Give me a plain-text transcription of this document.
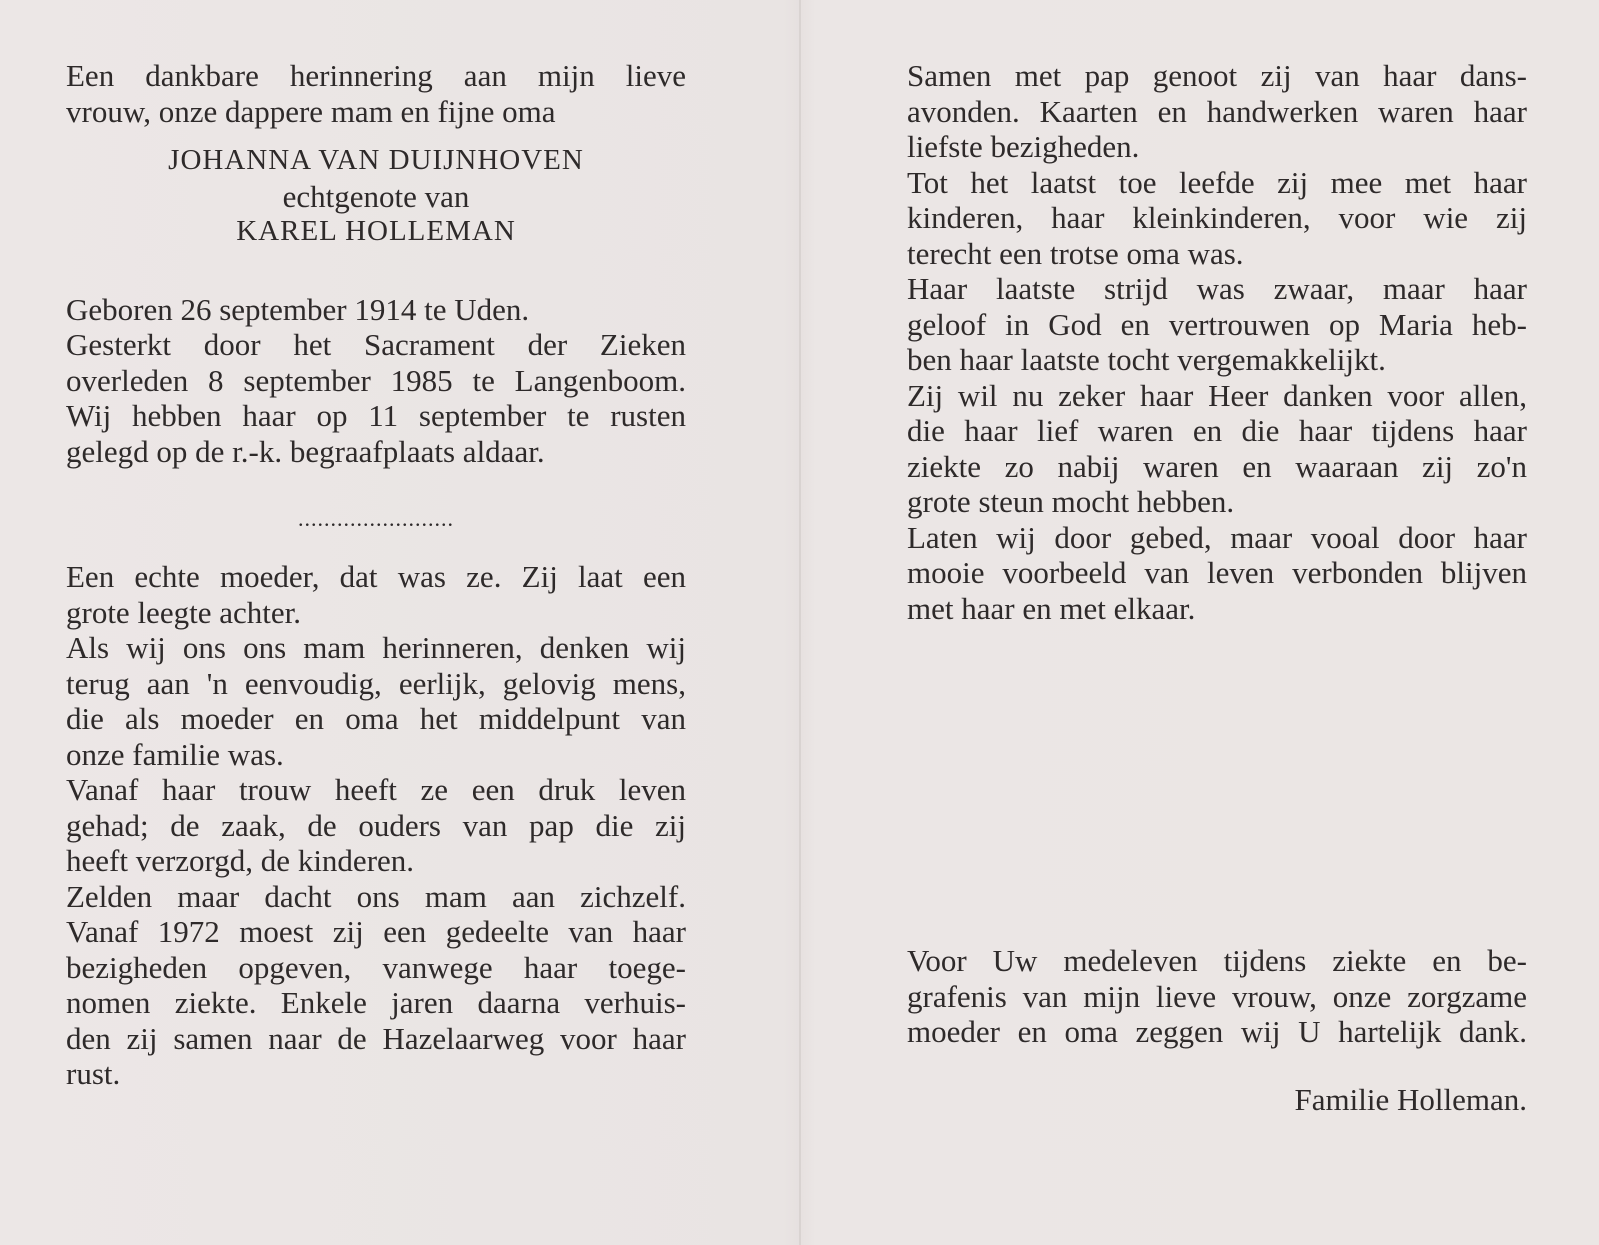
Een dankbare herinnering aan mijn lieve
vrouw, onze dappere mam en fijne oma
JOHANNA VAN DUIJNHOVEN
echtgenote van
KAREL HOLLEMAN
Geboren 26 september 1914 te Uden.
Gesterkt door het Sacrament der Zieken
overleden 8 september 1985 te Langenboom.
Wij hebben haar op 11 september te rusten
gelegd op de r.-k. begraafplaats aldaar.
........................
Een echte moeder, dat was ze. Zij laat een
grote leegte achter.
Als wij ons ons mam herinneren, denken wij
terug aan 'n eenvoudig, eerlijk, gelovig mens,
die als moeder en oma het middelpunt van
onze familie was.
Vanaf haar trouw heeft ze een druk leven
gehad; de zaak, de ouders van pap die zij
heeft verzorgd, de kinderen.
Zelden maar dacht ons mam aan zichzelf.
Vanaf 1972 moest zij een gedeelte van haar
bezigheden opgeven, vanwege haar toege-
nomen ziekte. Enkele jaren daarna verhuis-
den zij samen naar de Hazelaarweg voor haar
rust.
Samen met pap genoot zij van haar dans-
avonden. Kaarten en handwerken waren haar
liefste bezigheden.
Tot het laatst toe leefde zij mee met haar
kinderen, haar kleinkinderen, voor wie zij
terecht een trotse oma was.
Haar laatste strijd was zwaar, maar haar
geloof in God en vertrouwen op Maria heb-
ben haar laatste tocht vergemakkelijkt.
Zij wil nu zeker haar Heer danken voor allen,
die haar lief waren en die haar tijdens haar
ziekte zo nabij waren en waaraan zij zo'n
grote steun mocht hebben.
Laten wij door gebed, maar vooal door haar
mooie voorbeeld van leven verbonden blijven
met haar en met elkaar.
Voor Uw medeleven tijdens ziekte en be-
grafenis van mijn lieve vrouw, onze zorgzame
moeder en oma zeggen wij U hartelijk dank.
Familie Holleman.
